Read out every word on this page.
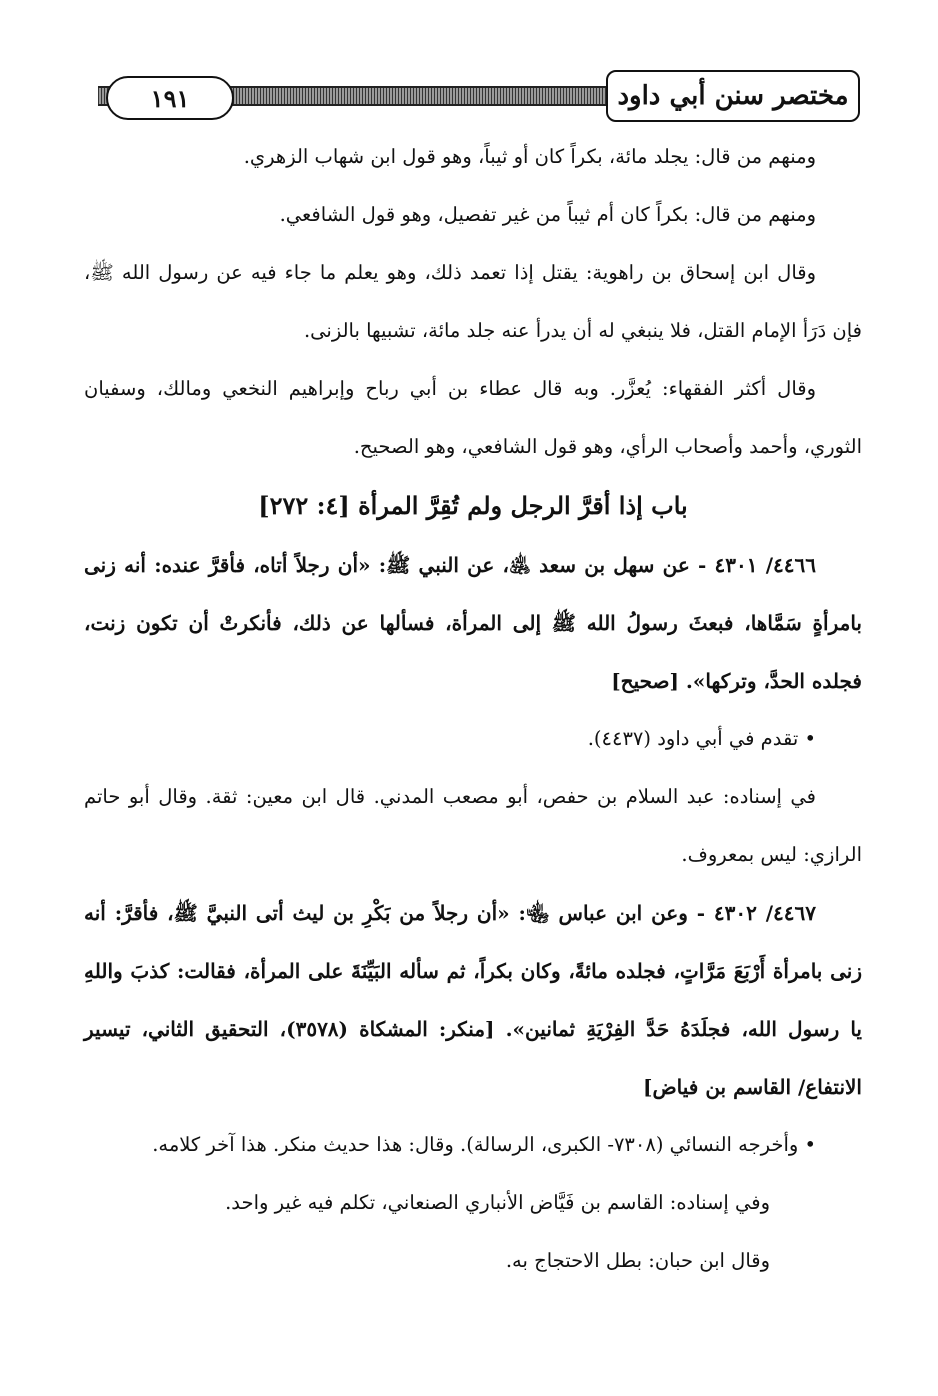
١٩١	مختصر سنن أبي داود

ومنهم من قال: يجلد مائة، بكراً كان أو ثيباً، وهو قول ابن شهاب الزهري.

ومنهم من قال: بكراً كان أم ثيباً من غير تفصيل، وهو قول الشافعي.

وقال ابن إسحاق بن راهوية: يقتل إذا تعمد ذلك، وهو يعلم ما جاء فيه عن رسول الله ﷺ، فإن دَرَأ الإمام القتل، فلا ينبغي له أن يدرأ عنه جلد مائة، تشبيها بالزنى.

وقال أكثر الفقهاء: يُعزَّر. وبه قال عطاء بن أبي رباح وإبراهيم النخعي ومالك، وسفيان الثوري، وأحمد وأصحاب الرأي، وهو قول الشافعي، وهو الصحيح.

باب إذا أقرَّ الرجل ولم تُقِرَّ المرأة [٤: ٢٧٢]

٤٤٦٦/ ٤٣٠١ - عن سهل بن سعد ﵁، عن النبي ﷺ: «أن رجلاً أتاه، فأقرَّ عنده: أنه زنى بامرأةٍ سَمَّاها، فبعثَ رسولُ الله ﷺ إلى المرأة، فسألها عن ذلك، فأنكرتْ أن تكون زنت، فجلده الحدَّ، وتركها». [صحيح]

• تقدم في أبي داود (٤٤٣٧).

في إسناده: عبد السلام بن حفص، أبو مصعب المدني. قال ابن معين: ثقة. وقال أبو حاتم الرازي: ليس بمعروف.

٤٤٦٧/ ٤٣٠٢ - وعن ابن عباس ﵄: «أن رجلاً من بَكْرِ بن ليث أتى النبيَّ ﷺ، فأقرَّ: أنه زنى بامرأة أَرْبَعَ مَرَّاتٍ، فجلده مائةً، وكان بكراً، ثم سأله البَيِّنَةَ على المرأة، فقالت: كذبَ واللهِ يا رسول الله، فجلَدَهُ حَدَّ الفِرْيَةِ ثمانين». [منكر: المشكاة (٣٥٧٨)، التحقيق الثاني، تيسير الانتفاع/ القاسم بن فياض]

• وأخرجه النسائي (٧٣٠٨- الكبرى، الرسالة). وقال: هذا حديث منكر. هذا آخر كلامه.

وفي إسناده: القاسم بن فَيَّاض الأنباري الصنعاني، تكلم فيه غير واحد.

وقال ابن حبان: بطل الاحتجاج به.
